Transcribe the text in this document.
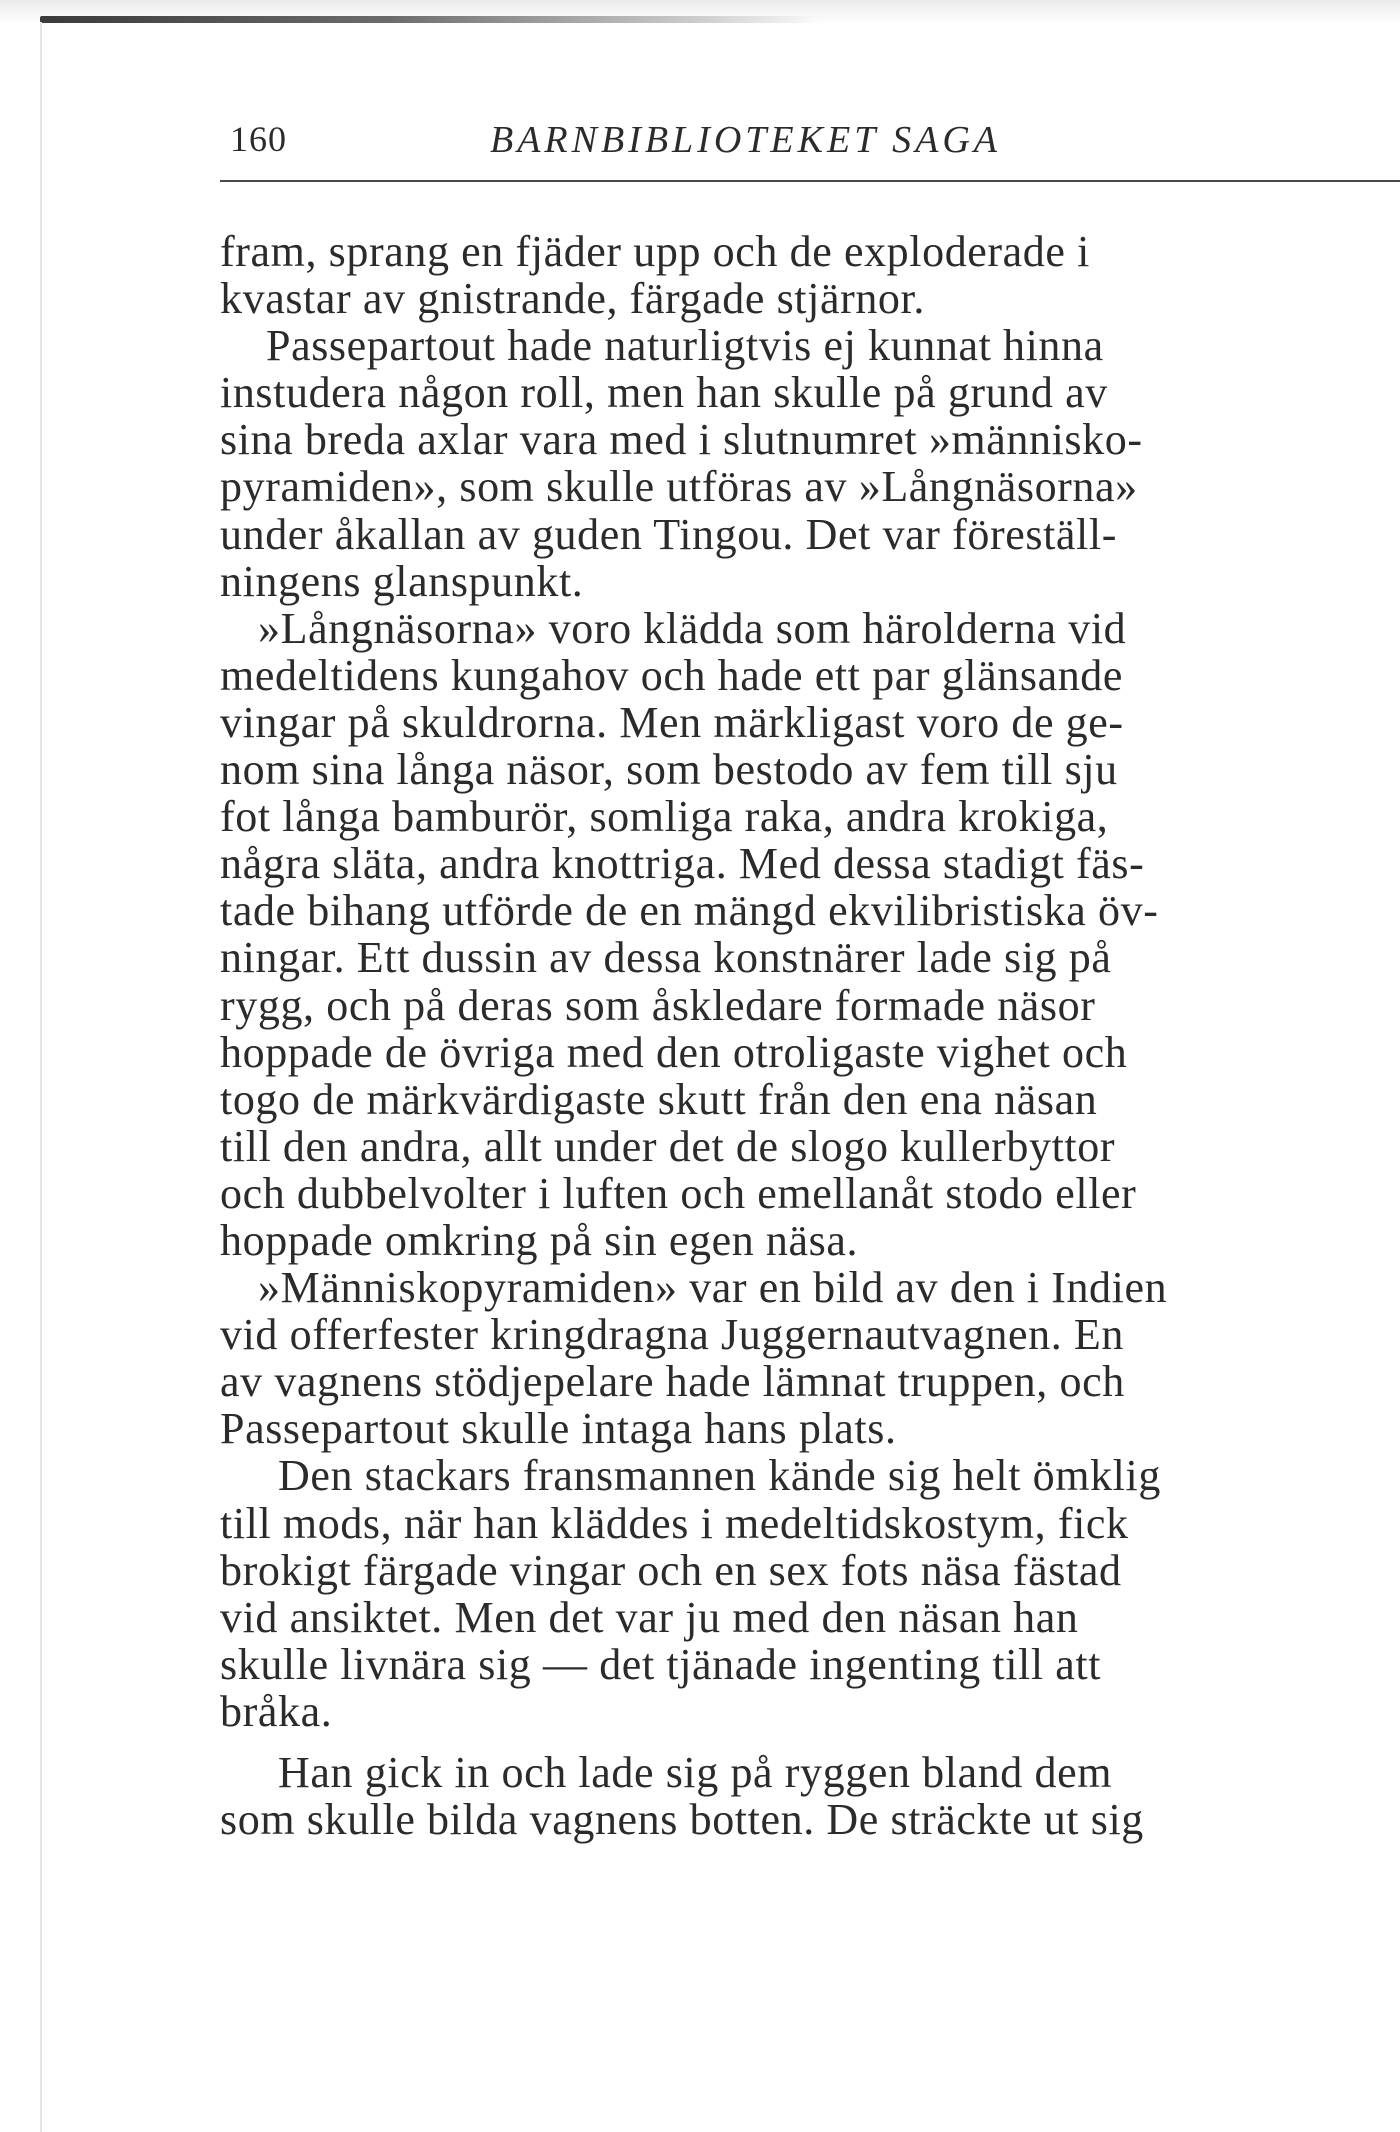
160	BARNBIBLIOTEKET SAGA
fram, sprang en fjäder upp och de exploderade i
kvastar av gnistrande, färgade stjärnor.
Passepartout hade naturligtvis ej kunnat hinna
instudera någon roll, men han skulle på grund av
sina breda axlar vara med i slutnumret »människo-
pyramiden», som skulle utföras av »Långnäsorna»
under åkallan av guden Tingou. Det var föreställ-
ningens glanspunkt.
»Långnäsorna» voro klädda som härolderna vid
medeltidens kungahov och hade ett par glänsande
vingar på skuldrorna. Men märkligast voro de ge-
nom sina långa näsor, som bestodo av fem till sju
fot långa bamburör, somliga raka, andra krokiga,
några släta, andra knottriga. Med dessa stadigt fäs-
tade bihang utförde de en mängd ekvilibristiska öv-
ningar. Ett dussin av dessa konstnärer lade sig på
rygg, och på deras som åskledare formade näsor
hoppade de övriga med den otroligaste vighet och
togo de märkvärdigaste skutt från den ena näsan
till den andra, allt under det de slogo kullerbyttor
och dubbelvolter i luften och emellanåt stodo eller
hoppade omkring på sin egen näsa.
»Människopyramiden» var en bild av den i Indien
vid offerfester kringdragna Juggernautvagnen. En
av vagnens stödjepelare hade lämnat truppen, och
Passepartout skulle intaga hans plats.
Den stackars fransmannen kände sig helt ömklig
till mods, när han kläddes i medeltidskostym, fick
brokigt färgade vingar och en sex fots näsa fästad
vid ansiktet. Men det var ju med den näsan han
skulle livnära sig — det tjänade ingenting till att
bråka.
Han gick in och lade sig på ryggen bland dem
som skulle bilda vagnens botten. De sträckte ut sig
